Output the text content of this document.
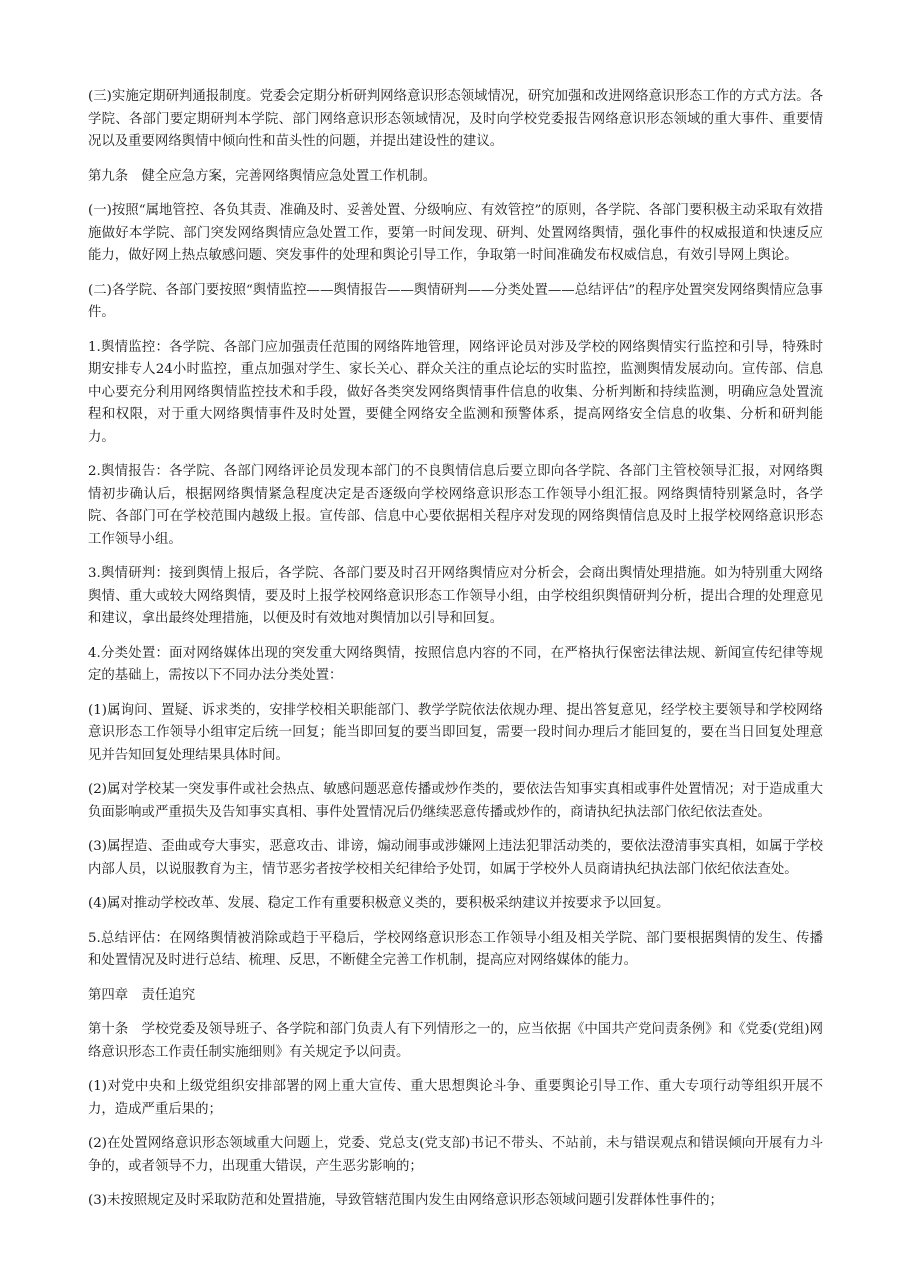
(三)实施定期研判通报制度。党委会定期分析研判网络意识形态领域情况，研究加强和改进网络意识形态工作的方式方法。各学院、各部门要定期研判本学院、部门网络意识形态领域情况，及时向学校党委报告网络意识形态领域的重大事件、重要情况以及重要网络舆情中倾向性和苗头性的问题，并提出建设性的建议。

第九条　健全应急方案，完善网络舆情应急处置工作机制。

(一)按照“属地管控、各负其责、准确及时、妥善处置、分级响应、有效管控”的原则，各学院、各部门要积极主动采取有效措施做好本学院、部门突发网络舆情应急处置工作，要第一时间发现、研判、处置网络舆情，强化事件的权威报道和快速反应能力，做好网上热点敏感问题、突发事件的处理和舆论引导工作，争取第一时间准确发布权威信息，有效引导网上舆论。

(二)各学院、各部门要按照“舆情监控——舆情报告——舆情研判——分类处置——总结评估”的程序处置突发网络舆情应急事件。

1.舆情监控：各学院、各部门应加强责任范围的网络阵地管理，网络评论员对涉及学校的网络舆情实行监控和引导，特殊时期安排专人24小时监控，重点加强对学生、家长关心、群众关注的重点论坛的实时监控，监测舆情发展动向。宣传部、信息中心要充分利用网络舆情监控技术和手段，做好各类突发网络舆情事件信息的收集、分析判断和持续监测，明确应急处置流程和权限，对于重大网络舆情事件及时处置，要健全网络安全监测和预警体系，提高网络安全信息的收集、分析和研判能力。

2.舆情报告：各学院、各部门网络评论员发现本部门的不良舆情信息后要立即向各学院、各部门主管校领导汇报，对网络舆情初步确认后，根据网络舆情紧急程度决定是否逐级向学校网络意识形态工作领导小组汇报。网络舆情特别紧急时，各学院、各部门可在学校范围内越级上报。宣传部、信息中心要依据相关程序对发现的网络舆情信息及时上报学校网络意识形态工作领导小组。

3.舆情研判：接到舆情上报后，各学院、各部门要及时召开网络舆情应对分析会，会商出舆情处理措施。如为特别重大网络舆情、重大或较大网络舆情，要及时上报学校网络意识形态工作领导小组，由学校组织舆情研判分析，提出合理的处理意见和建议，拿出最终处理措施，以便及时有效地对舆情加以引导和回复。

4.分类处置：面对网络媒体出现的突发重大网络舆情，按照信息内容的不同，在严格执行保密法律法规、新闻宣传纪律等规定的基础上，需按以下不同办法分类处置：

(1)属询问、置疑、诉求类的，安排学校相关职能部门、教学学院依法依规办理、提出答复意见，经学校主要领导和学校网络意识形态工作领导小组审定后统一回复；能当即回复的要当即回复，需要一段时间办理后才能回复的，要在当日回复处理意见并告知回复处理结果具体时间。

(2)属对学校某一突发事件或社会热点、敏感问题恶意传播或炒作类的，要依法告知事实真相或事件处置情况；对于造成重大负面影响或严重损失及告知事实真相、事件处置情况后仍继续恶意传播或炒作的，商请执纪执法部门依纪依法查处。

(3)属捏造、歪曲或夸大事实，恶意攻击、诽谤，煽动闹事或涉嫌网上违法犯罪活动类的，要依法澄清事实真相，如属于学校内部人员，以说服教育为主，情节恶劣者按学校相关纪律给予处罚，如属于学校外人员商请执纪执法部门依纪依法查处。

(4)属对推动学校改革、发展、稳定工作有重要积极意义类的，要积极采纳建议并按要求予以回复。

5.总结评估：在网络舆情被消除或趋于平稳后，学校网络意识形态工作领导小组及相关学院、部门要根据舆情的发生、传播和处置情况及时进行总结、梳理、反思，不断健全完善工作机制，提高应对网络媒体的能力。

第四章　责任追究

第十条　学校党委及领导班子、各学院和部门负责人有下列情形之一的，应当依据《中国共产党问责条例》和《党委(党组)网络意识形态工作责任制实施细则》有关规定予以问责。

(1)对党中央和上级党组织安排部署的网上重大宣传、重大思想舆论斗争、重要舆论引导工作、重大专项行动等组织开展不力，造成严重后果的；

(2)在处置网络意识形态领域重大问题上，党委、党总支(党支部)书记不带头、不站前，未与错误观点和错误倾向开展有力斗争的，或者领导不力，出现重大错误，产生恶劣影响的；

(3)未按照规定及时采取防范和处置措施，导致管辖范围内发生由网络意识形态领域问题引发群体性事件的；
